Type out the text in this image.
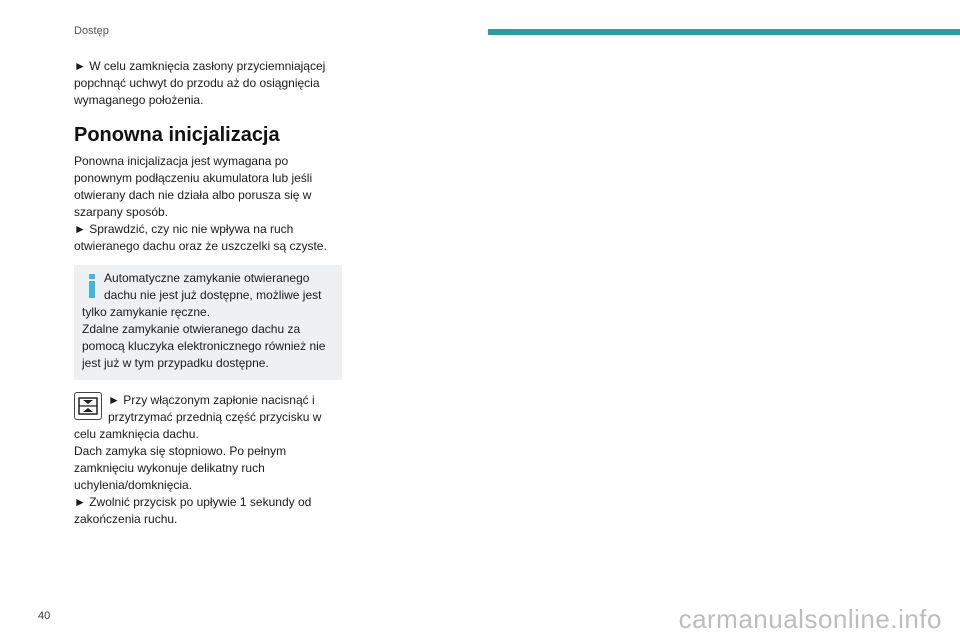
Dostęp

► W celu zamknięcia zasłony przyciemniającej popchnąć uchwyt do przodu aż do osiągnięcia wymaganego położenia.

Ponowna inicjalizacja

Ponowna inicjalizacja jest wymagana po ponownym podłączeniu akumulatora lub jeśli otwierany dach nie działa albo porusza się w szarpany sposób.

► Sprawdzić, czy nic nie wpływa na ruch otwieranego dachu oraz że uszczelki są czyste.

Automatyczne zamykanie otwieranego
dachu nie jest już dostępne, możliwe jest
tylko zamykanie ręczne.
Zdalne zamykanie otwieranego dachu za pomocą kluczyka elektronicznego również nie jest już w tym przypadku dostępne.

► Przy włączonym zapłonie nacisnąć i przytrzymać przednią część przycisku w celu zamknięcia dachu.

Dach zamyka się stopniowo. Po pełnym zamknięciu wykonuje delikatny ruch uchylenia/domknięcia.

► Zwolnić przycisk po upływie 1 sekundy od zakończenia ruchu.

40	carmanualsonline.info
